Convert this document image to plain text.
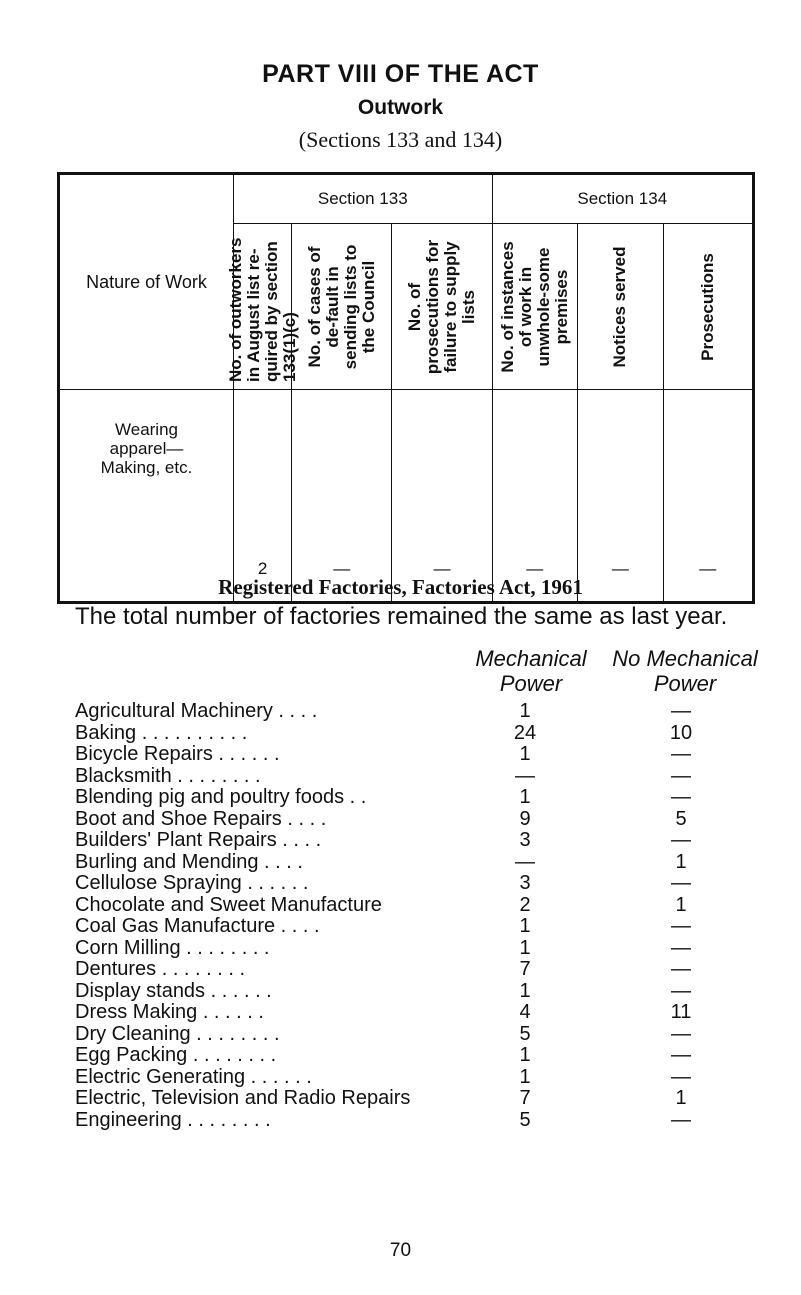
PART VIII OF THE ACT
Outwork
(Sections 133 and 134)
Nature of Work	Section 133			Section 134		

	No. of outworkers in August list re-quired by section 133(1)(c)	No. of cases of de-fault in sending lists to the Council	No. of prosecutions for failure to supply lists	No. of instances of work in unwhole-some premises	Notices served	Prosecutions

Wearing
apparel—
Making, etc.	2	—	—	—	—	—
Registered Factories, Factories Act, 1961
The total number of factories remained the same as last year.
Mechanical
Power
No Mechanical
Power
Agricultural Machinery . . . .	1	—
Baking . . . . . . . . . .	24	10
Bicycle Repairs . . . . . .	1	—
Blacksmith . . . . . . . .	—	—
Blending pig and poultry foods . .	1	—
Boot and Shoe Repairs . . . .	9	5
Builders' Plant Repairs . . . .	3	—
Burling and Mending . . . .	—	1
Cellulose Spraying . . . . . .	3	—
Chocolate and Sweet Manufacture	2	1
Coal Gas Manufacture . . . .	1	—
Corn Milling . . . . . . . .	1	—
Dentures . . . . . . . .	7	—
Display stands . . . . . .	1	—
Dress Making . . . . . .	4	11
Dry Cleaning . . . . . . . .	5	—
Egg Packing . . . . . . . .	1	—
Electric Generating . . . . . .	1	—
Electric, Television and Radio Repairs	7	1
Engineering . . . . . . . .	5	—
70
